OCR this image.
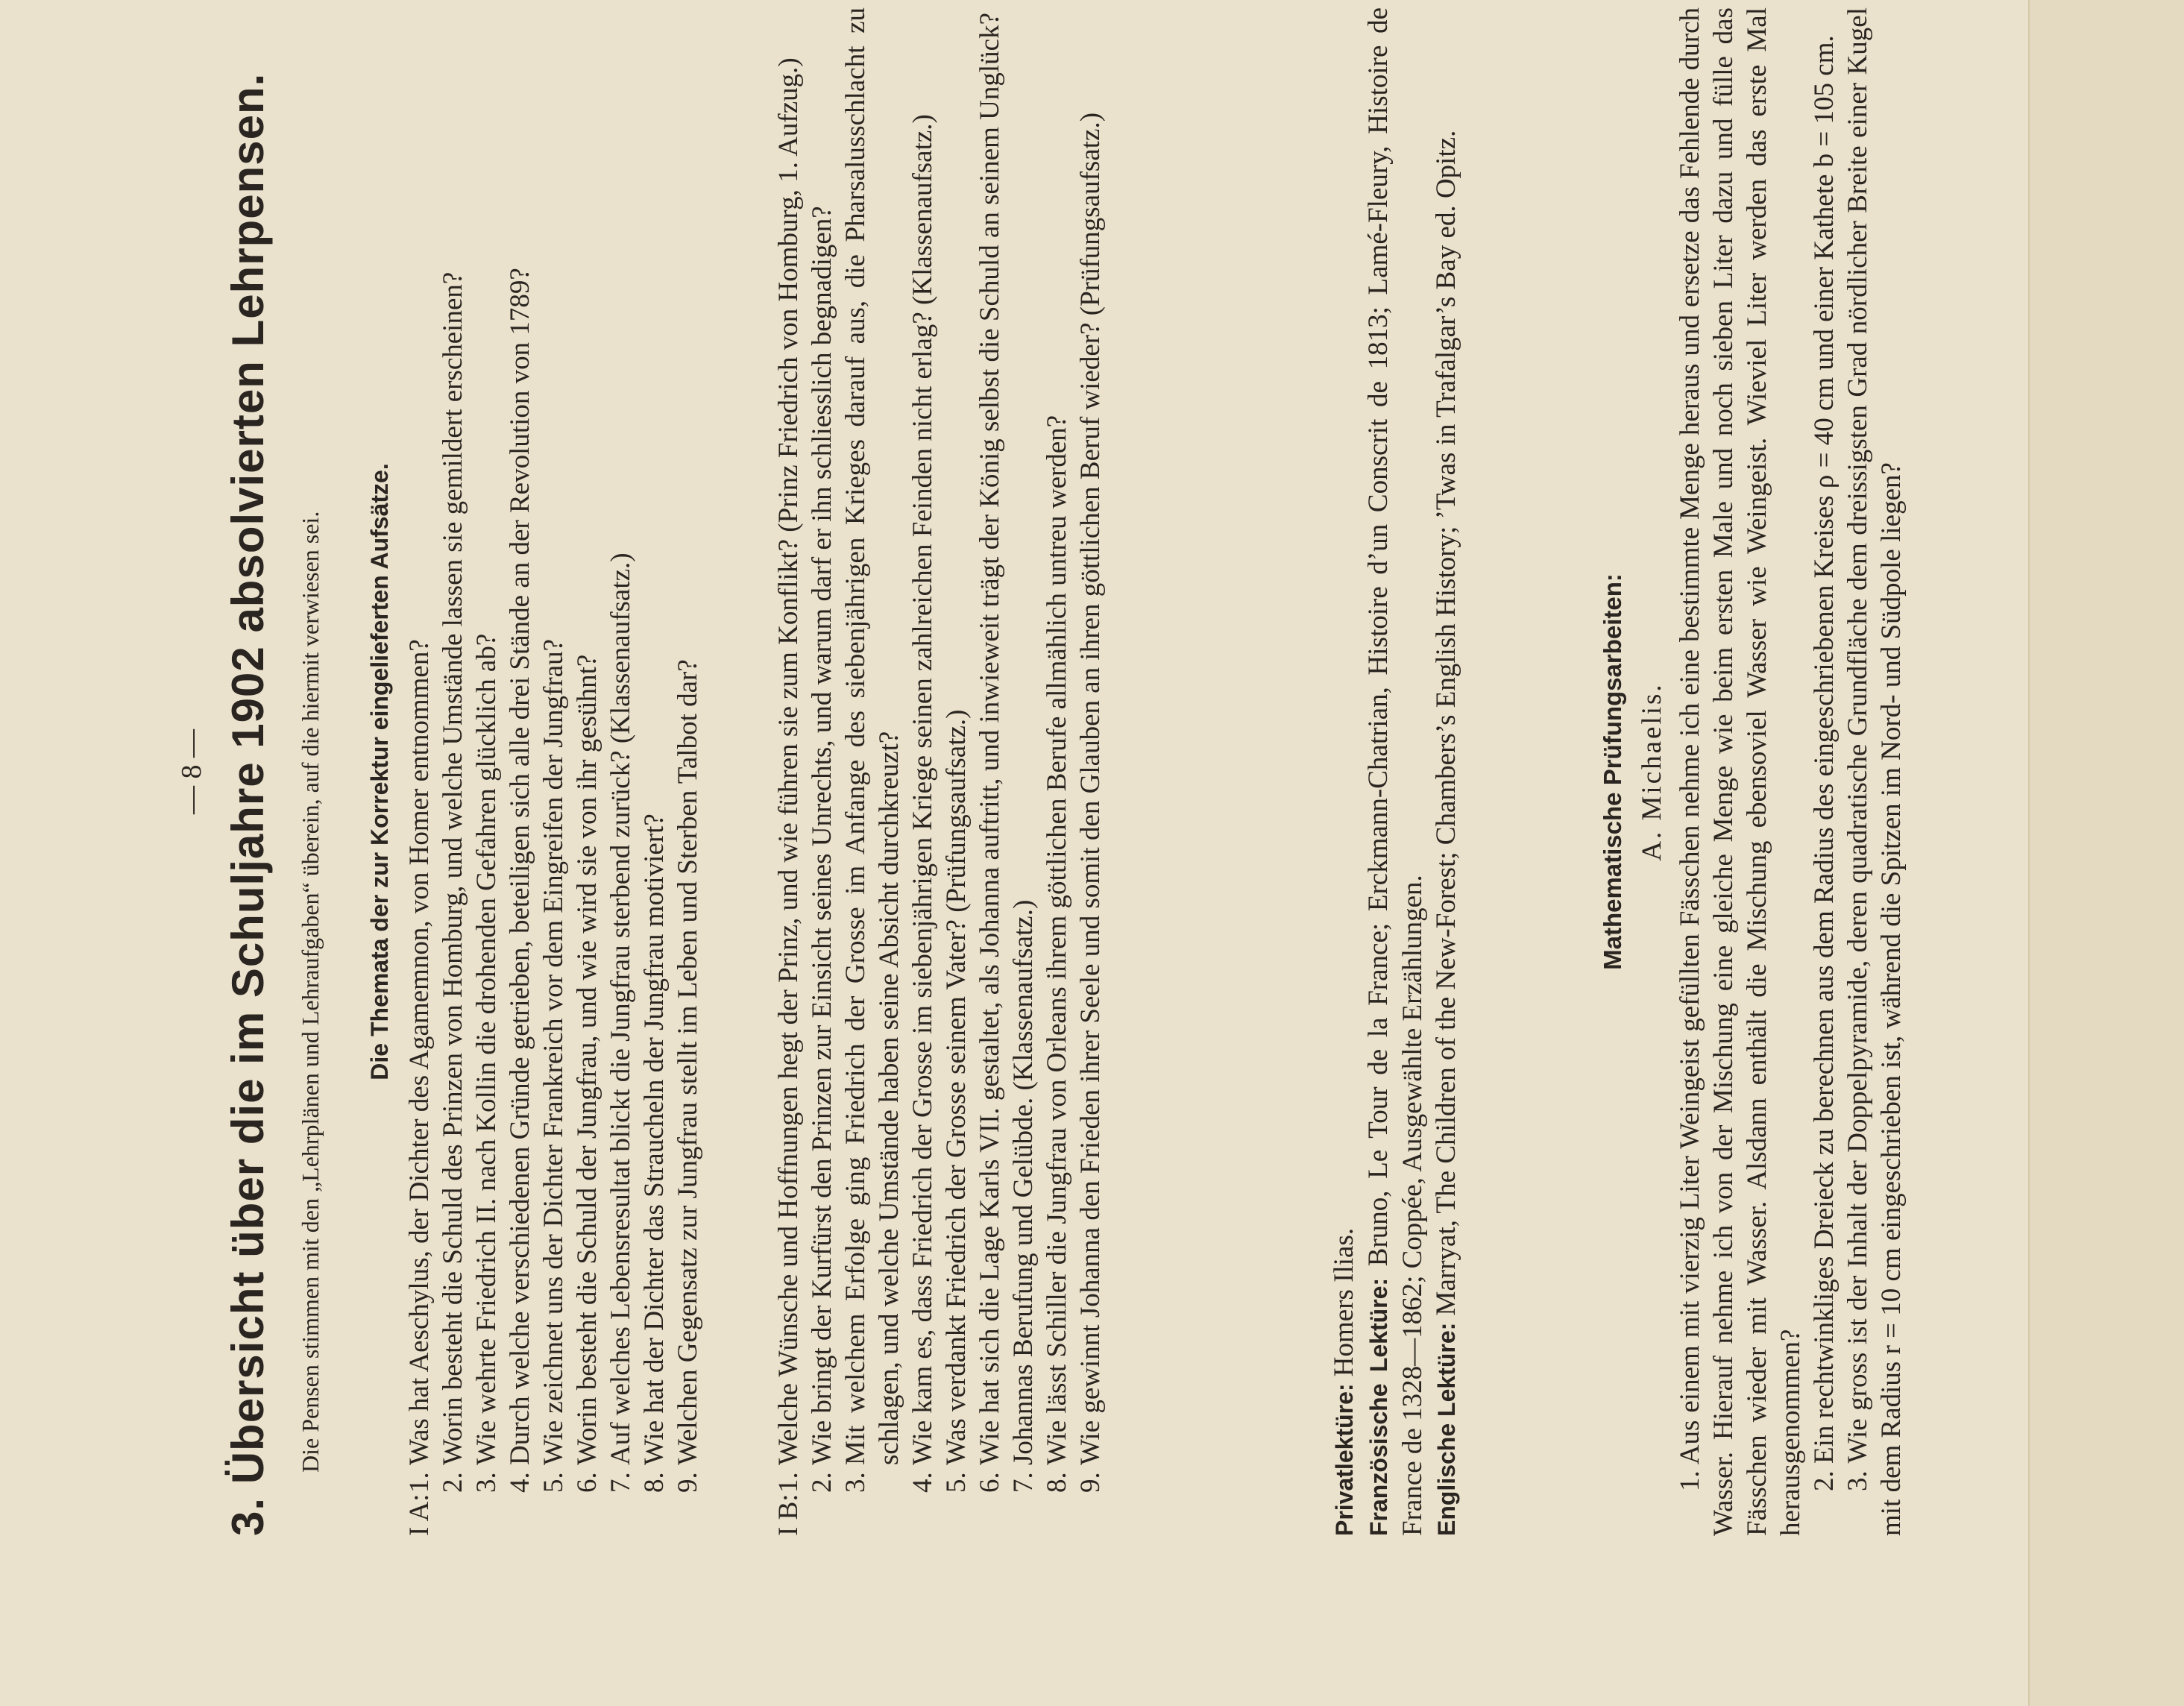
— 8 — 3. Übersicht über die im Schuljahre 1902 absolvierten Lehrpensen. Die Pensen stimmen mit den „Lehrplänen und Lehraufgaben“ überein, auf die hiermit verwiesen sei. Die Themata der zur Korrektur eingelieferten Aufsätze.
I A:
1.
Was hat Aeschylus, der Dichter des Agamemnon, von Homer entnommen?
2.
Worin besteht die Schuld des Prinzen von Homburg, und welche Umstände lassen sie gemildert erscheinen?
3.
Wie wehrte Friedrich II. nach Kollin die drohenden Gefahren glücklich ab?
4.
Durch welche verschiedenen Gründe getrieben, beteiligen sich alle drei Stände an der Revolution von 1789?
5.
Wie zeichnet uns der Dichter Frankreich vor dem Eingreifen der Jungfrau?
6.
Worin besteht die Schuld der Jungfrau, und wie wird sie von ihr gesühnt?
7.
Auf welches Lebensresultat blickt die Jungfrau sterbend zurück? (Klassenaufsatz.)
8.
Wie hat der Dichter das Straucheln der Jungfrau motiviert?
9.
Welchen Gegensatz zur Jungfrau stellt im Leben und Sterben Talbot dar?
I B:
1.
Welche Wünsche und Hoffnungen hegt der Prinz, und wie führen sie zum Konflikt? (Prinz Friedrich von Homburg, 1. Aufzug.)
2.
Wie bringt der Kurfürst den Prinzen zur Einsicht seines Unrechts, und warum darf er ihn schliesslich begnadigen?
3.
Mit welchem Erfolge ging Friedrich der Grosse im Anfange des siebenjährigen Krieges darauf aus, die Pharsalusschlacht zu schlagen, und welche Umstände haben seine Absicht durchkreuzt?
4.
Wie kam es, dass Friedrich der Grosse im siebenjährigen Kriege seinen zahlreichen Feinden nicht erlag? (Klassenaufsatz.)
5.
Was verdankt Friedrich der Grosse seinem Vater? (Prüfungsaufsatz.)
6.
Wie hat sich die Lage Karls VII. gestaltet, als Johanna auftritt, und inwieweit trägt der König selbst die Schuld an seinem Unglück?
7.
Johannas Berufung und Gelübde. (Klassenaufsatz.)
8.
Wie lässt Schiller die Jungfrau von Orleans ihrem göttlichen Berufe allmählich untreu werden?
9.
Wie gewinnt Johanna den Frieden ihrer Seele und somit den Glauben an ihren göttlichen Beruf wieder? (Prüfungsaufsatz.)	Privatlektüre: Homers Ilias. Französische Lektüre: Bruno, Le Tour de la France; Erckmann-Chatrian, Histoire d’un Conscrit de 1813; Lamé-Fleury, Histoire de France de 1328—1862; Coppée, Ausgewählte Erzählungen. Englische Lektüre: Marryat, The Children of the New-Forest; Chambers’s English History; ’Twas in Trafalgar’s Bay ed. Opitz.	Mathematische Prüfungsarbeiten: A. Michaelis. 1. Aus einem mit vierzig Liter Weingeist gefüllten Fässchen nehme ich eine bestimmte Menge heraus und ersetze das Fehlende durch Wasser. Hierauf nehme ich von der Mischung eine gleiche Menge wie beim ersten Male und noch sieben Liter dazu und fülle das Fässchen wieder mit Wasser. Alsdann enthält die Mischung ebensoviel Wasser wie Weingeist. Wieviel Liter werden das erste Mal herausgenommen? 2. Ein rechtwinkliges Dreieck zu berechnen aus dem Radius des eingeschriebenen Kreises ρ = 40 cm und einer Kathete b = 105 cm. 3. Wie gross ist der Inhalt der Doppelpyramide, deren quadratische Grundfläche dem dreissigsten Grad nördlicher Breite einer Kugel mit dem Radius r = 10 cm eingeschrieben ist, während die Spitzen im Nord- und Südpole liegen?
